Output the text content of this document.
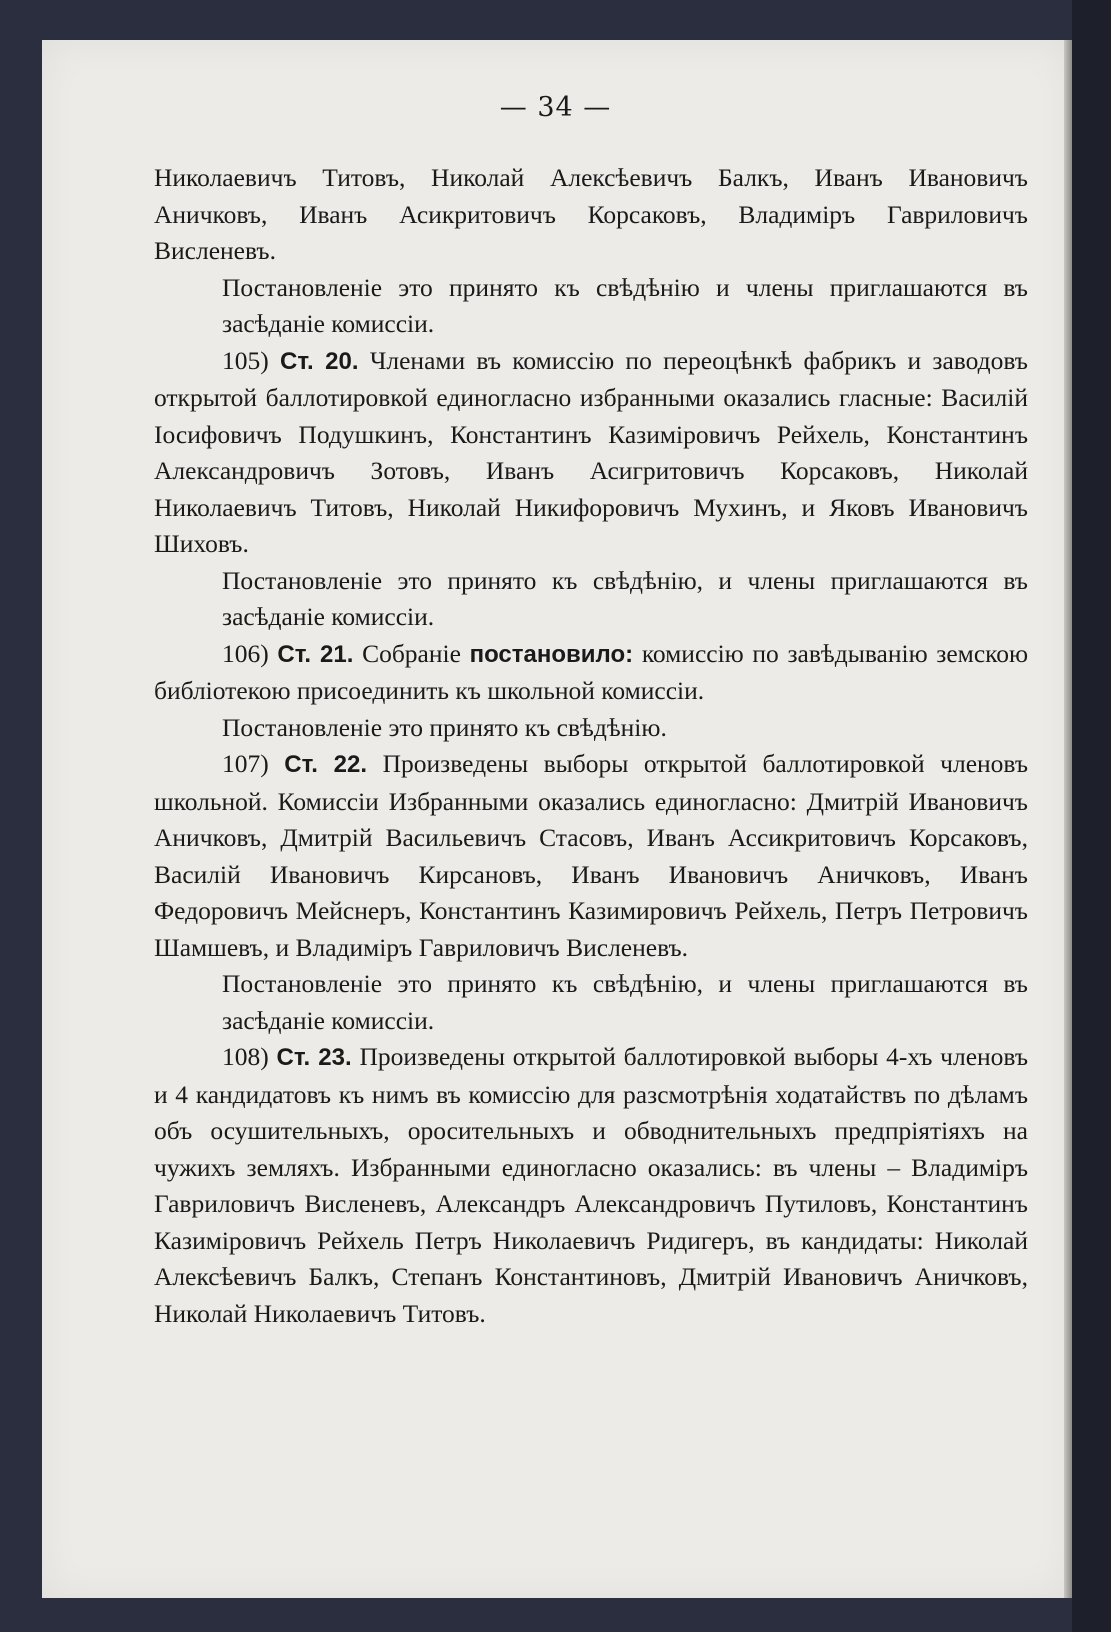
— 34 —

Николаевичъ Титовъ, Николай Алексѣевичъ Балкъ, Иванъ Ивановичъ Аничковъ, Иванъ Асикритовичъ Корсаковъ, Владиміръ Гавриловичъ Висленевъ.

Постановленіе это принято къ свѣдѣнію и члены приглашаются въ засѣданіе комиссіи.

105) Ст. 20. Членами въ комиссію по переоцѣнкѣ фабрикъ и заводовъ открытой баллотировкой единогласно избранными оказались гласные: Василій Іосифовичъ Подушкинъ, Константинъ Казиміровичъ Рейхель, Константинъ Александровичъ Зотовъ, Иванъ Асигритовичъ Корсаковъ, Николай Николаевичъ Титовъ, Николай Никифоровичъ Мухинъ, и Яковъ Ивановичъ Шиховъ.

Постановленіе это принято къ свѣдѣнію, и члены приглашаются въ засѣданіе комиссіи.

106) Ст. 21. Собраніе постановило: комиссію по завѣдыванію земскою библіотекою присоединить къ школьной комиссіи.

Постановленіе это принято къ свѣдѣнію.

107) Ст. 22. Произведены выборы открытой баллотировкой членовъ школьной. Комиссіи Избранными оказались единогласно: Дмитрій Ивановичъ Аничковъ, Дмитрій Васильевичъ Стасовъ, Иванъ Ассикритовичъ Корсаковъ, Василій Ивановичъ Кирсановъ, Иванъ Ивановичъ Аничковъ, Иванъ Федоровичъ Мейснеръ, Константинъ Казимировичъ Рейхель, Петръ Петровичъ Шамшевъ, и Владиміръ Гавриловичъ Висленевъ.

Постановленіе это принято къ свѣдѣнію, и члены приглашаются въ засѣданіе комиссіи.

108) Ст. 23. Произведены открытой баллотировкой выборы 4-хъ членовъ и 4 кандидатовъ къ нимъ въ комиссію для разсмотрѣнія ходатайствъ по дѣламъ объ осушительныхъ, оросительныхъ и обводнительныхъ предпріятіяхъ на чужихъ земляхъ. Избранными единогласно оказались: въ члены – Владиміръ Гавриловичъ Висленевъ, Александръ Александровичъ Путиловъ, Константинъ Казиміровичъ Рейхель Петръ Николаевичъ Ридигеръ, въ кандидаты: Николай Алексѣевичъ Балкъ, Степанъ Константиновъ, Дмитрій Ивановичъ Аничковъ, Николай Николаевичъ Титовъ.
